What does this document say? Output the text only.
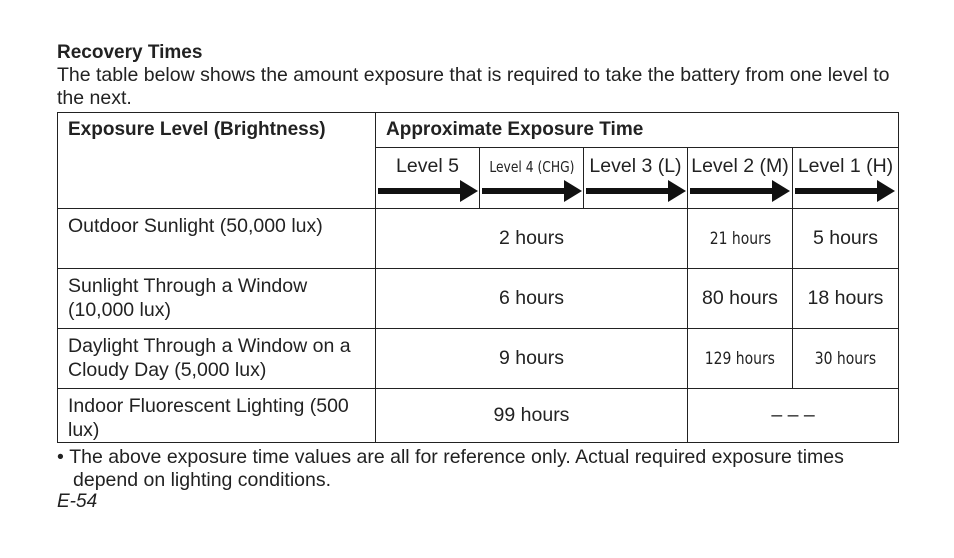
Recovery Times
The table below shows the amount exposure that is required to take the battery from one level to the next.
Exposure Level (Brightness)	Approximate Exposure Time				

	Level 5	Level 4 (CHG)	Level 3 (L)	Level 2 (M)	Level 1 (H)

Outdoor Sunlight (50,000 lux)	2 hours			21 hours	5 hours
Sunlight Through a Window (10,000 lux)	6 hours			80 hours	18 hours
Daylight Through a Window on a Cloudy Day (5,000 lux)	9 hours			129 hours	30 hours
Indoor Fluorescent Lighting (500 lux)	99 hours			– – –	
• The above exposure time values are all for reference only. Actual required exposure times depend on lighting conditions.
E-54
